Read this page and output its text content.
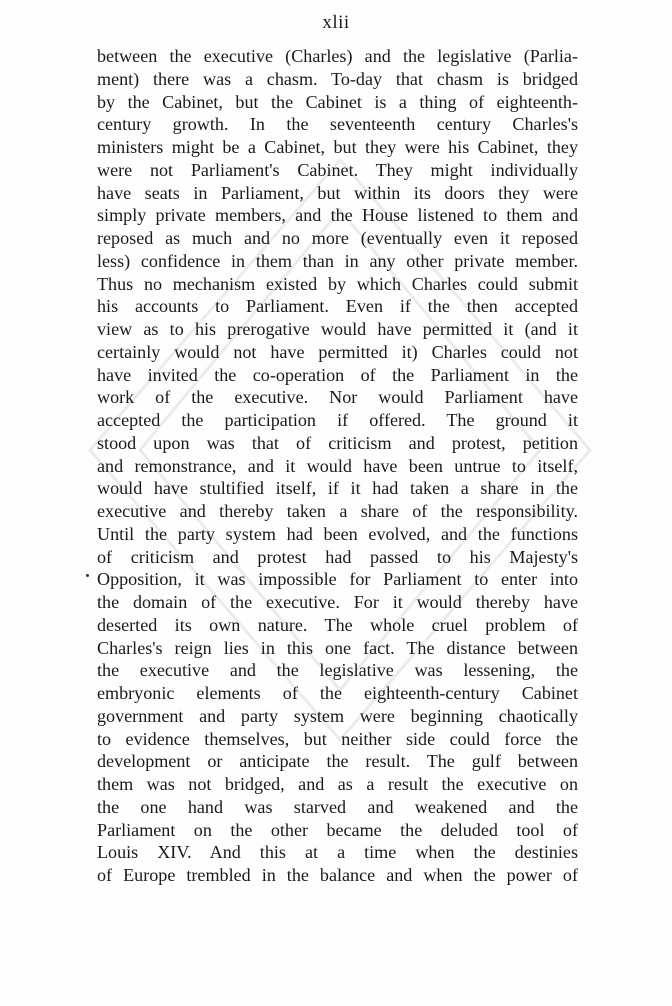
xlii
between the executive (Charles) and the legislative (Parlia-
ment) there was a chasm. To-day that chasm is bridged
by the Cabinet, but the Cabinet is a thing of eighteenth-
century growth. In the seventeenth century Charles's
ministers might be a Cabinet, but they were his Cabinet, they
were not Parliament's Cabinet. They might individually
have seats in Parliament, but within its doors they were
simply private members, and the House listened to them and
reposed as much and no more (eventually even it reposed
less) confidence in them than in any other private member.
Thus no mechanism existed by which Charles could submit
his accounts to Parliament. Even if the then accepted
view as to his prerogative would have permitted it (and it
certainly would not have permitted it) Charles could not
have invited the co-operation of the Parliament in the
work of the executive. Nor would Parliament have
accepted the participation if offered. The ground it
stood upon was that of criticism and protest, petition
and remonstrance, and it would have been untrue to itself,
would have stultified itself, if it had taken a share in the
executive and thereby taken a share of the responsibility.
Until the party system had been evolved, and the functions
of criticism and protest had passed to his Majesty's
Opposition, it was impossible for Parliament to enter into
the domain of the executive. For it would thereby have
deserted its own nature. The whole cruel problem of
Charles's reign lies in this one fact. The distance between
the executive and the legislative was lessening, the
embryonic elements of the eighteenth-century Cabinet
government and party system were beginning chaotically
to evidence themselves, but neither side could force the
development or anticipate the result. The gulf between
them was not bridged, and as a result the executive on
the one hand was starved and weakened and the
Parliament on the other became the deluded tool of
Louis XIV. And this at a time when the destinies
of Europe trembled in the balance and when the power of
